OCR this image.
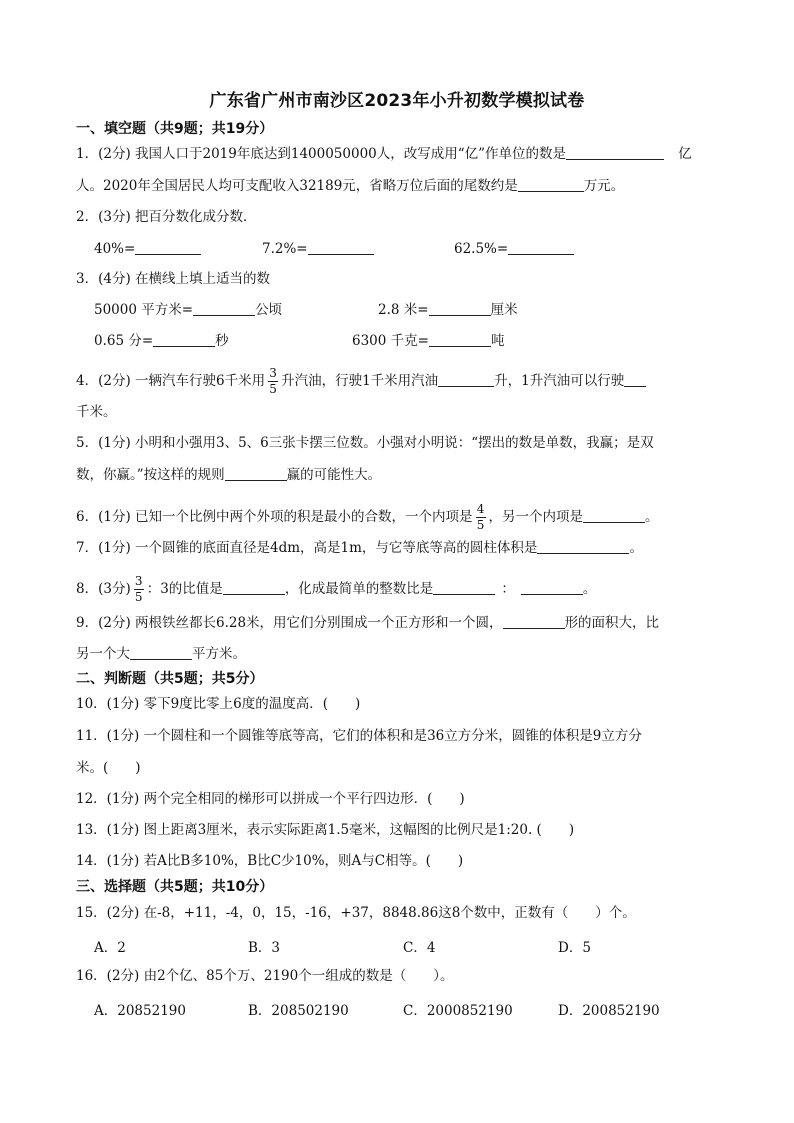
广东省广州市南沙区2023年小升初数学模拟试卷
一、填空题（共9题；共19分）
1．(2分) 我国人口于2019年底达到1400050000人，改写成用“亿”作单位的数是	亿
人。2020年全国居民人均可支配收入32189元，省略万位后面的尾数约是	万元。
2．(3分) 把百分数化成分数．
40%=	7.2%=	62.5%=
3．(4分) 在横线上填上适当的数
50000 平方米=	公顷	2.8 米=	厘米
0.65 分=	秒	6300 千克=	吨
4．(2分) 一辆汽车行驶6千米用 $\frac{3}{5}$ 升汽油，行驶1千米用汽油	升，1升汽油可以行驶
千米。
5．(1分) 小明和小强用3、5、6三张卡摆三位数。小强对小明说：“摆出的数是单数，我赢；是双
数，你赢。”按这样的规则	赢的可能性大。
6．(1分) 已知一个比例中两个外项的积是最小的合数，一个内项是 $\frac{4}{5}$ ，另一个内项是	。
7．(1分) 一个圆锥的底面直径是4dm，高是1m，与它等底等高的圆柱体积是	。
8．(3分) $\frac{3}{5}$ ：3的比值是	，化成最简单的整数比是	：	。
9．(2分) 两根铁丝都长6.28米，用它们分别围成一个正方形和一个圆，	形的面积大，比
另一个大	平方米。
二、判断题（共5题；共5分）
10．(1分) 零下9度比零上6度的温度高．(　　)
11．(1分) 一个圆柱和一个圆锥等底等高，它们的体积和是36立方分米，圆锥的体积是9立方分
米。(　　)
12．(1分) 两个完全相同的梯形可以拼成一个平行四边形．(　　)
13．(1分) 图上距离3厘米，表示实际距离1.5毫米，这幅图的比例尺是1:20. (　　)
14．(1分) 若A比B多10%，B比C少10%，则A与C相等。(　　)
三、选择题（共5题；共10分）
15．(2分) 在-8，+11，-4，0，15，-16，+37，8848.86这8个数中，正数有（　　）个。
A．2	B．3	C．4	D．5
16．(2分) 由2个亿、85个万、2190个一组成的数是（　　）。
A．20852190	B．208502190	C．2000852190	D．200852190
